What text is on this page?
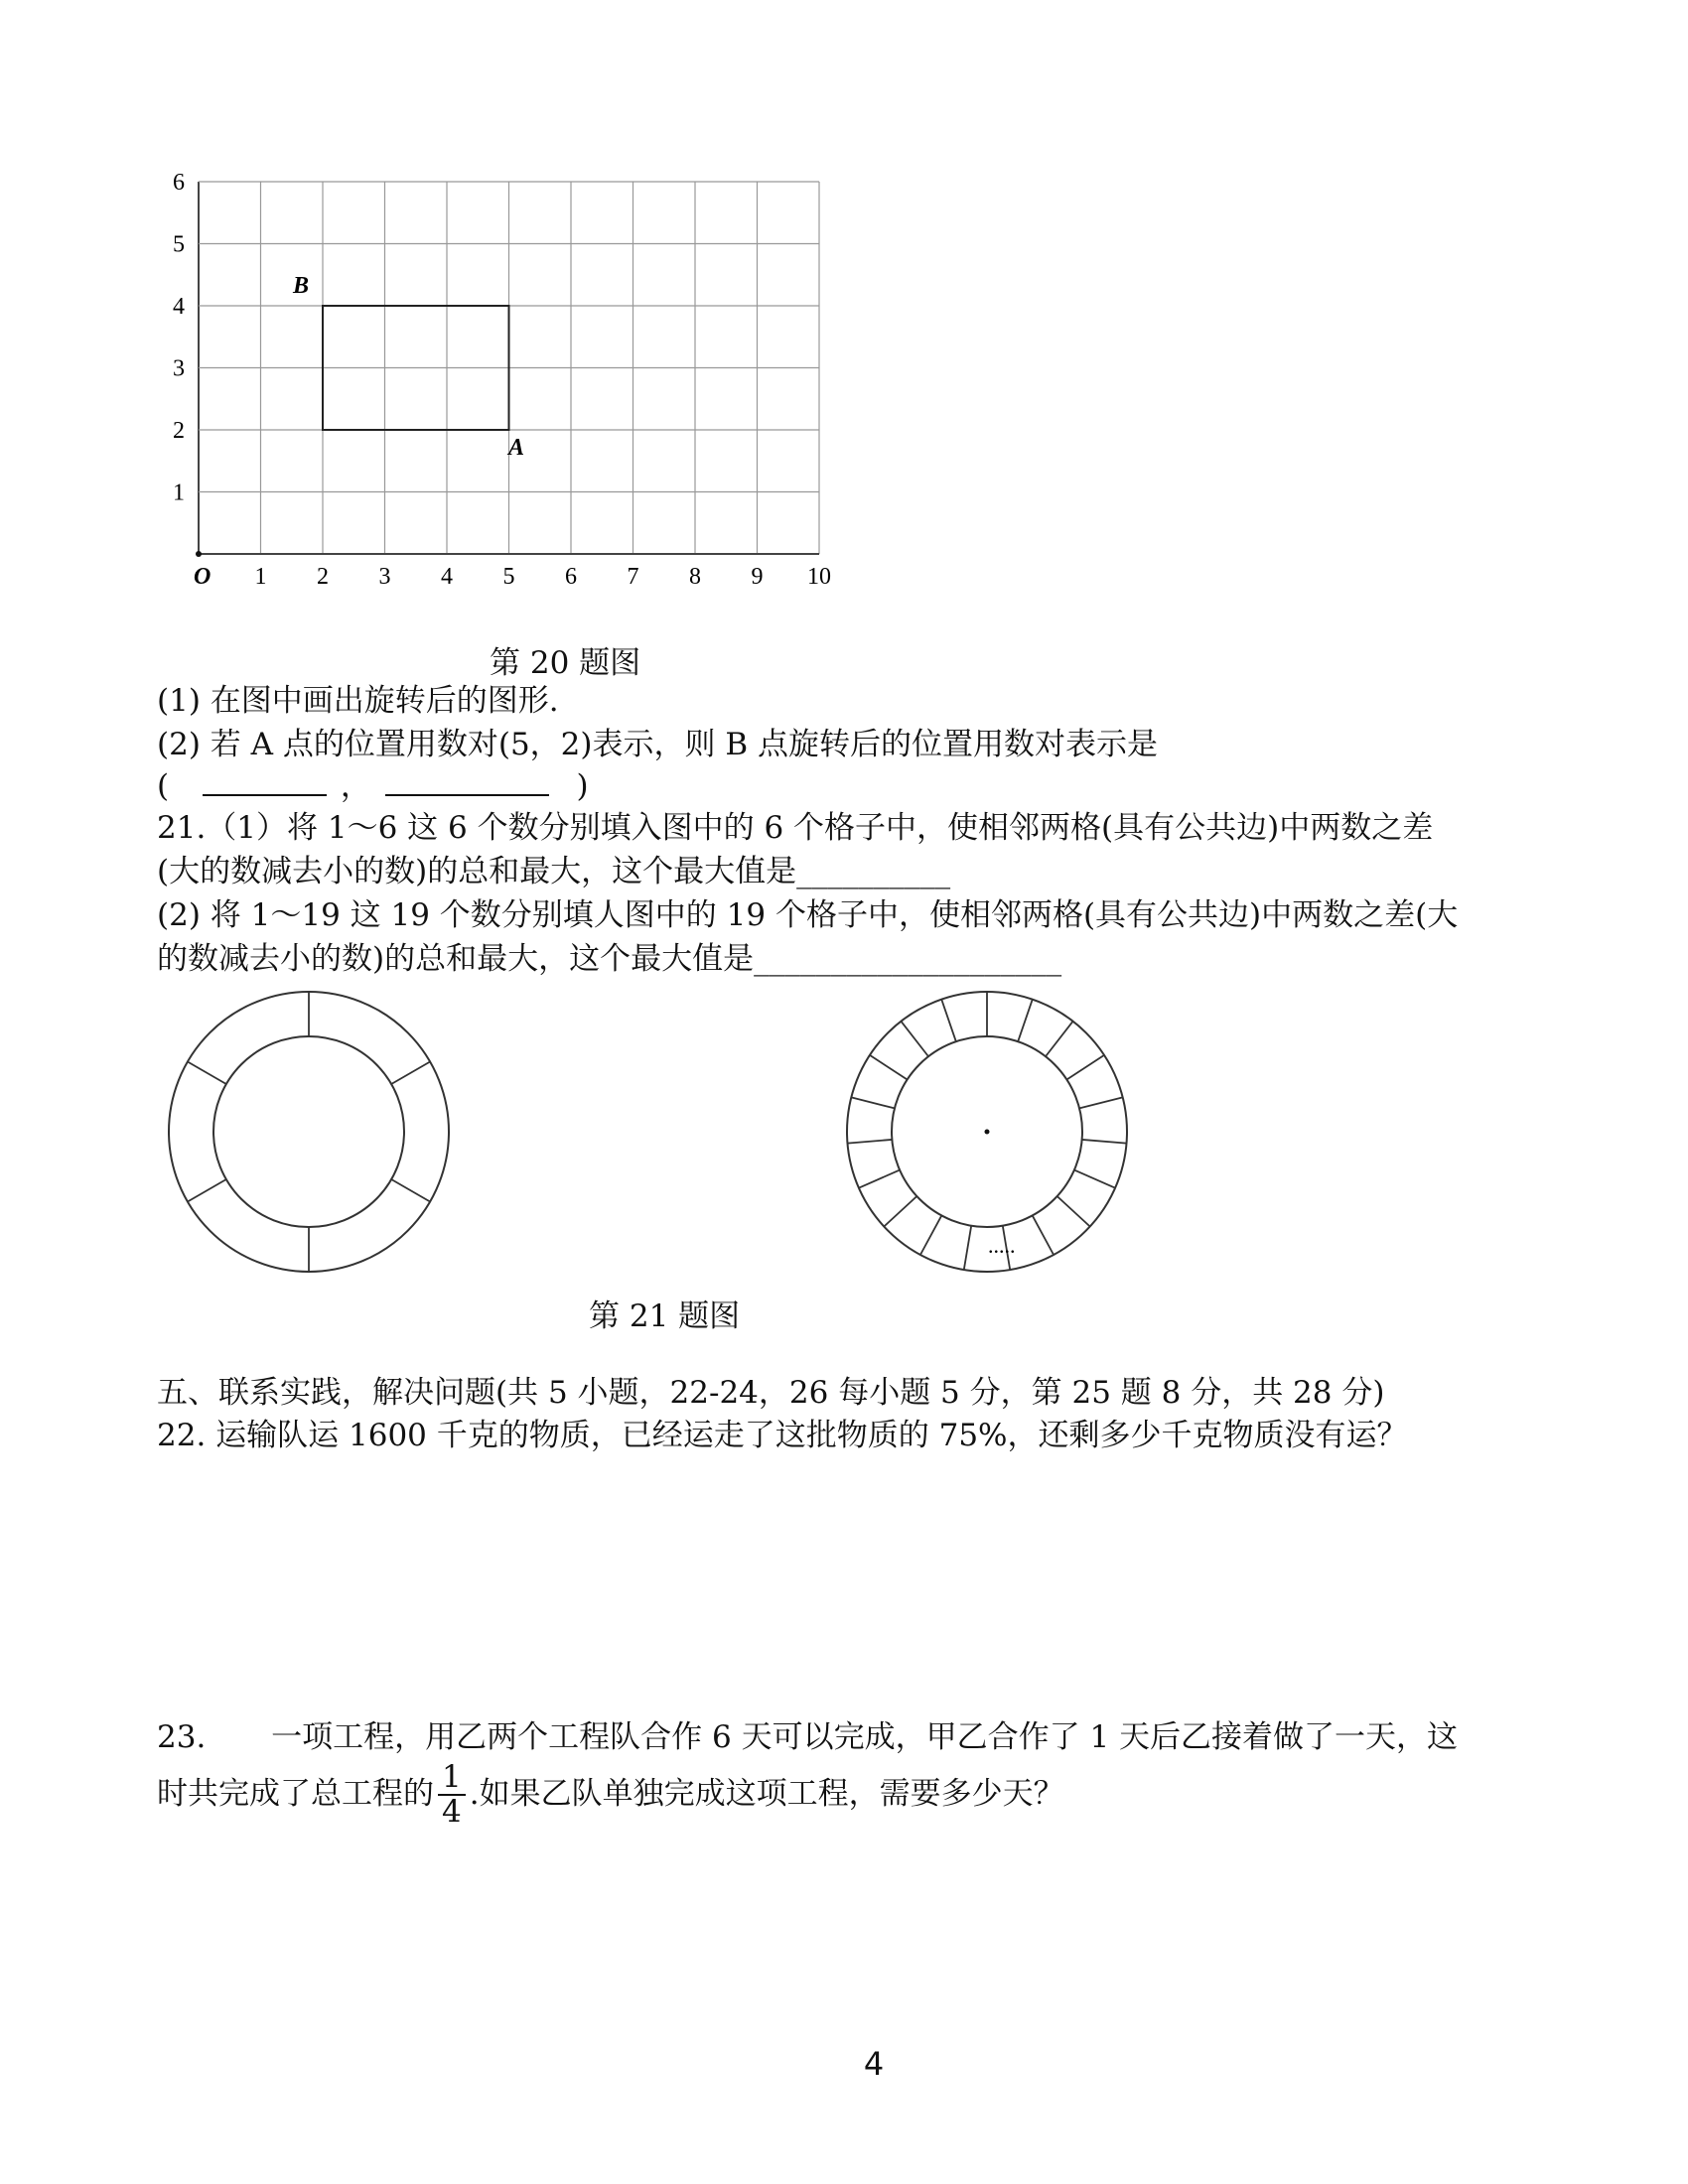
6
5
4
3
2
1
1 2 3 4 5 6 7 8 9 10
O
B
A
第 20 题图
(1) 在图中画出旋转后的图形.
(2) 若 A 点的位置用数对(5，2)表示，则 B 点旋转后的位置用数对表示是
(	，	)
21.（1）将 1～6 这 6 个数分别填入图中的 6 个格子中，使相邻两格(具有公共边)中两数之差
(大的数减去小的数)的总和最大，这个最大值是__________
(2) 将 1～19 这 19 个数分别填人图中的 19 个格子中，使相邻两格(具有公共边)中两数之差(大
的数减去小的数)的总和最大，这个最大值是____________________
.....
第 21 题图
五、联系实践，解决问题(共 5 小题，22-24，26 每小题 5 分，第 25 题 8 分，共 28 分)
22. 运输队运 1600 千克的物质，已经运走了这批物质的 75%，还剩多少千克物质没有运？
23. 一项工程，用乙两个工程队合作 6 天可以完成，甲乙合作了 1 天后乙接着做了一天，这
时共完成了总工程的 $\frac{1}{4}$ .如果乙队单独完成这项工程，需要多少天？
4
